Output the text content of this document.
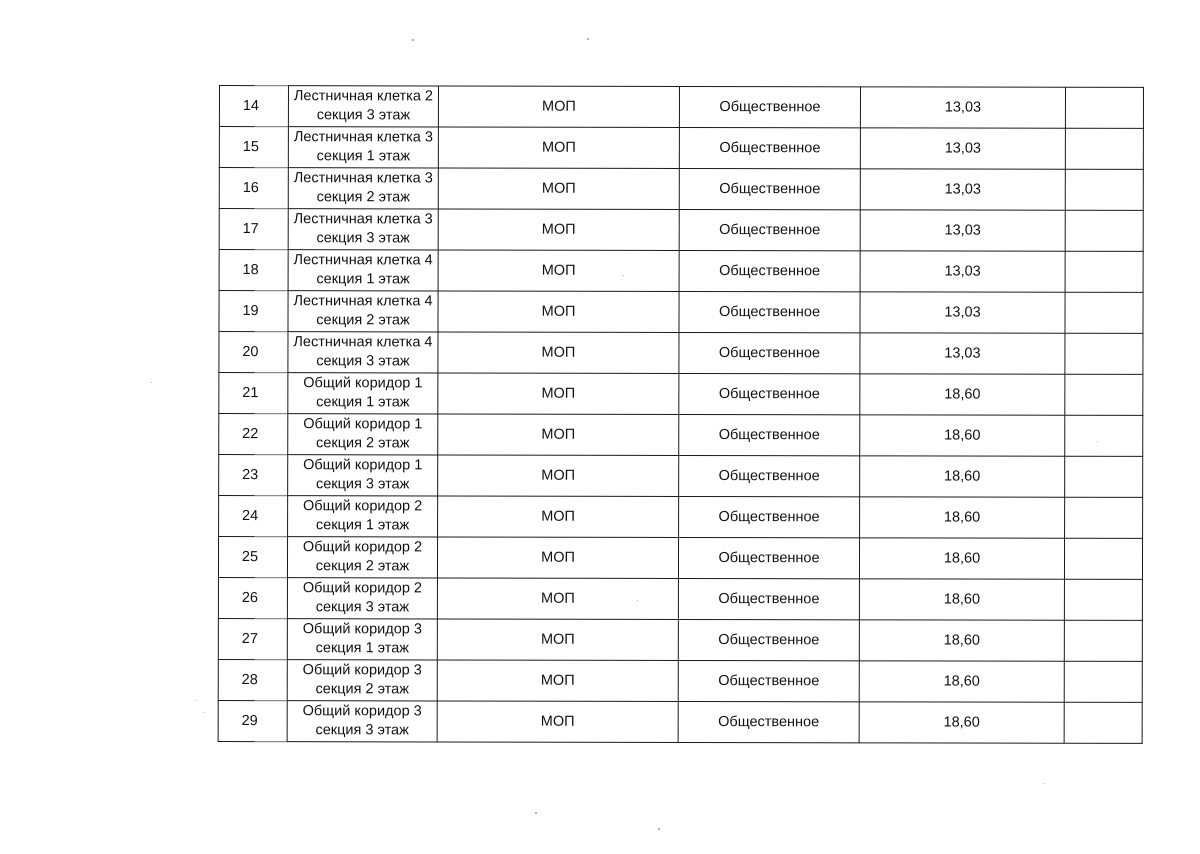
14	Лестничная клетка 2
секция 3 этаж	МОП	Общественное	13,03	
15	Лестничная клетка 3
секция 1 этаж	МОП	Общественное	13,03	
16	Лестничная клетка 3
секция 2 этаж	МОП	Общественное	13,03	
17	Лестничная клетка 3
секция 3 этаж	МОП	Общественное	13,03	
18	Лестничная клетка 4
секция 1 этаж	МОП	Общественное	13,03	
19	Лестничная клетка 4
секция 2 этаж	МОП	Общественное	13,03	
20	Лестничная клетка 4
секция 3 этаж	МОП	Общественное	13,03	
21	Общий коридор 1
секция 1 этаж	МОП	Общественное	18,60	
22	Общий коридор 1
секция 2 этаж	МОП	Общественное	18,60	
23	Общий коридор 1
секция 3 этаж	МОП	Общественное	18,60	
24	Общий коридор 2
секция 1 этаж	МОП	Общественное	18,60	
25	Общий коридор 2
секция 2 этаж	МОП	Общественное	18,60	
26	Общий коридор 2
секция 3 этаж	МОП	Общественное	18,60	
27	Общий коридор 3
секция 1 этаж	МОП	Общественное	18,60	
28	Общий коридор 3
секция 2 этаж	МОП	Общественное	18,60	
29	Общий коридор 3
секция 3 этаж	МОП	Общественное	18,60	
